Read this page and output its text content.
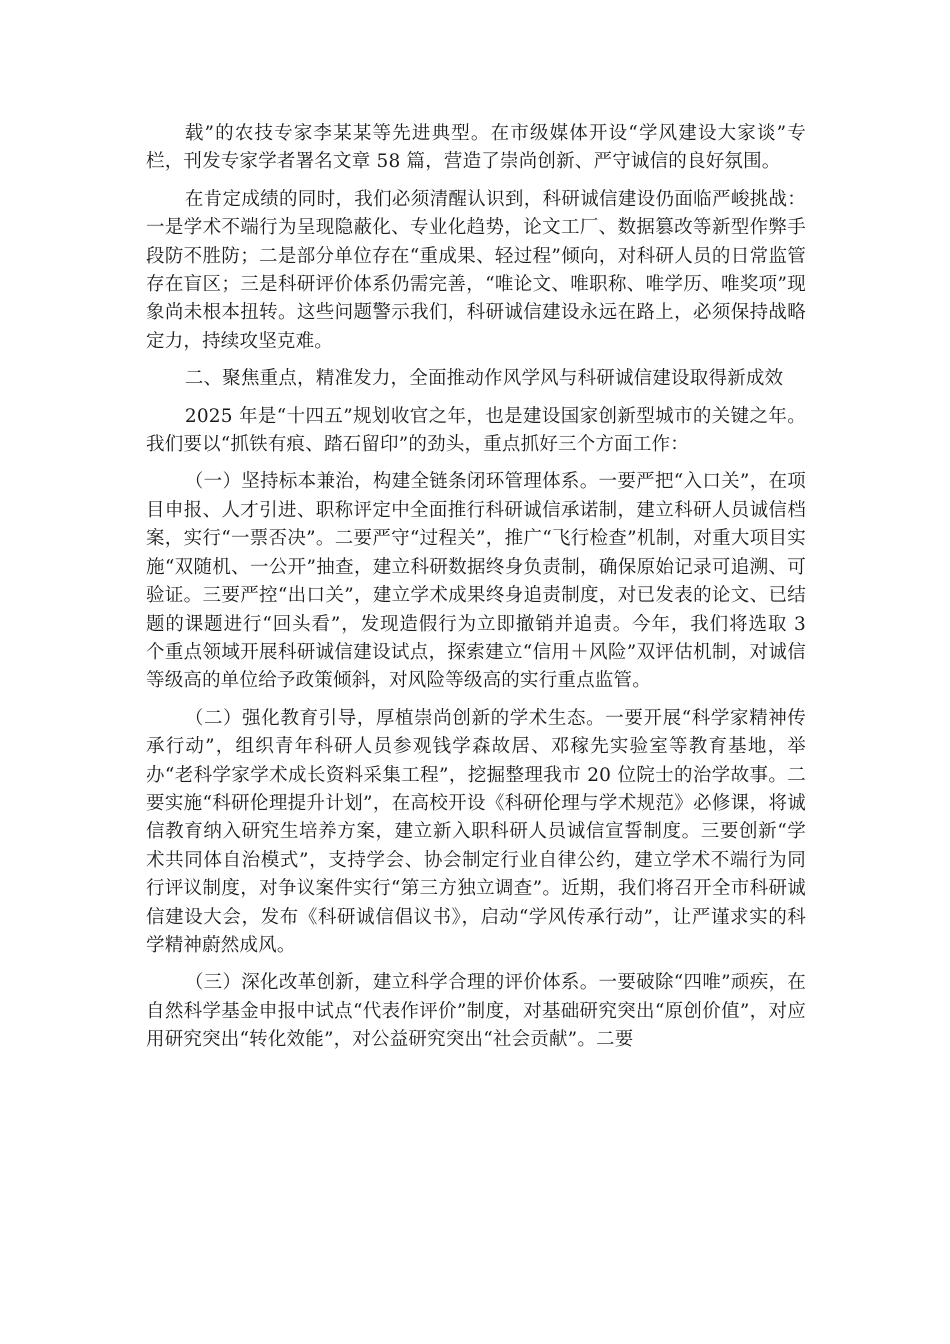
载”的农技专家李某某等先进典型。在市级媒体开设“学风建设大家谈”专栏，刊发专家学者署名文章 58 篇，营造了崇尚创新、严守诚信的良好氛围。

在肯定成绩的同时，我们必须清醒认识到，科研诚信建设仍面临严峻挑战：一是学术不端行为呈现隐蔽化、专业化趋势，论文工厂、数据篡改等新型作弊手段防不胜防；二是部分单位存在“重成果、轻过程”倾向，对科研人员的日常监管存在盲区；三是科研评价体系仍需完善，“唯论文、唯职称、唯学历、唯奖项”现象尚未根本扭转。这些问题警示我们，科研诚信建设永远在路上，必须保持战略定力，持续攻坚克难。

二、聚焦重点，精准发力，全面推动作风学风与科研诚信建设取得新成效

2025 年是“十四五”规划收官之年，也是建设国家创新型城市的关键之年。我们要以“抓铁有痕、踏石留印”的劲头，重点抓好三个方面工作：

（一）坚持标本兼治，构建全链条闭环管理体系。一要严把“入口关”，在项目申报、人才引进、职称评定中全面推行科研诚信承诺制，建立科研人员诚信档案，实行“一票否决”。二要严守“过程关”，推广“飞行检查”机制，对重大项目实施“双随机、一公开”抽查，建立科研数据终身负责制，确保原始记录可追溯、可验证。三要严控“出口关”，建立学术成果终身追责制度，对已发表的论文、已结题的课题进行“回头看”，发现造假行为立即撤销并追责。今年，我们将选取 3 个重点领域开展科研诚信建设试点，探索建立“信用＋风险”双评估机制，对诚信等级高的单位给予政策倾斜，对风险等级高的实行重点监管。

（二）强化教育引导，厚植崇尚创新的学术生态。一要开展“科学家精神传承行动”，组织青年科研人员参观钱学森故居、邓稼先实验室等教育基地，举办“老科学家学术成长资料采集工程”，挖掘整理我市 20 位院士的治学故事。二要实施“科研伦理提升计划”，在高校开设《科研伦理与学术规范》必修课，将诚信教育纳入研究生培养方案，建立新入职科研人员诚信宣誓制度。三要创新“学术共同体自治模式”，支持学会、协会制定行业自律公约，建立学术不端行为同行评议制度，对争议案件实行“第三方独立调查”。近期，我们将召开全市科研诚信建设大会，发布《科研诚信倡议书》，启动“学风传承行动”，让严谨求实的科学精神蔚然成风。

（三）深化改革创新，建立科学合理的评价体系。一要破除“四唯”顽疾，在自然科学基金申报中试点“代表作评价”制度，对基础研究突出“原创价值”，对应用研究突出“转化效能”，对公益研究突出“社会贡献”。二要
